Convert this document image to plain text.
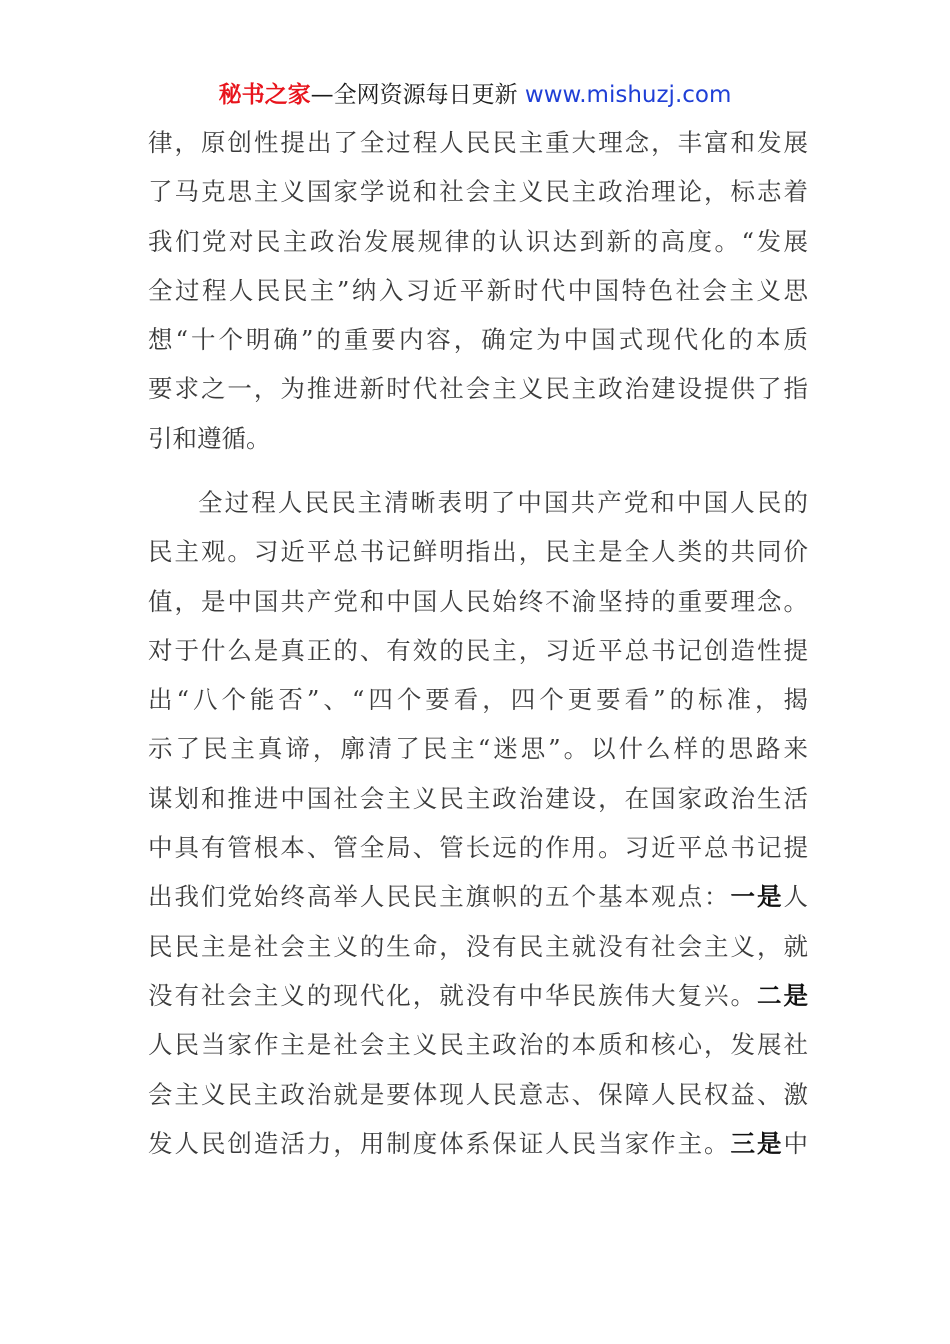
秘书之家—全网资源每日更新 www.mishuzj.com
律，原创性提出了全过程人民民主重大理念，丰富和发展
了马克思主义国家学说和社会主义民主政治理论，标志着
我们党对民主政治发展规律的认识达到新的高度。“发展
全过程人民民主”纳入习近平新时代中国特色社会主义思
想“十个明确”的重要内容，确定为中国式现代化的本质
要求之一，为推进新时代社会主义民主政治建设提供了指
引和遵循。
全过程人民民主清晰表明了中国共产党和中国人民的
民主观。习近平总书记鲜明指出，民主是全人类的共同价
值，是中国共产党和中国人民始终不渝坚持的重要理念。
对于什么是真正的、有效的民主，习近平总书记创造性提
出“八个能否”、“四个要看，四个更要看”的标准，揭
示了民主真谛，廓清了民主“迷思”。以什么样的思路来
谋划和推进中国社会主义民主政治建设，在国家政治生活
中具有管根本、管全局、管长远的作用。习近平总书记提
出我们党始终高举人民民主旗帜的五个基本观点：一是人
民民主是社会主义的生命，没有民主就没有社会主义，就
没有社会主义的现代化，就没有中华民族伟大复兴。二是
人民当家作主是社会主义民主政治的本质和核心，发展社
会主义民主政治就是要体现人民意志、保障人民权益、激
发人民创造活力，用制度体系保证人民当家作主。三是中
